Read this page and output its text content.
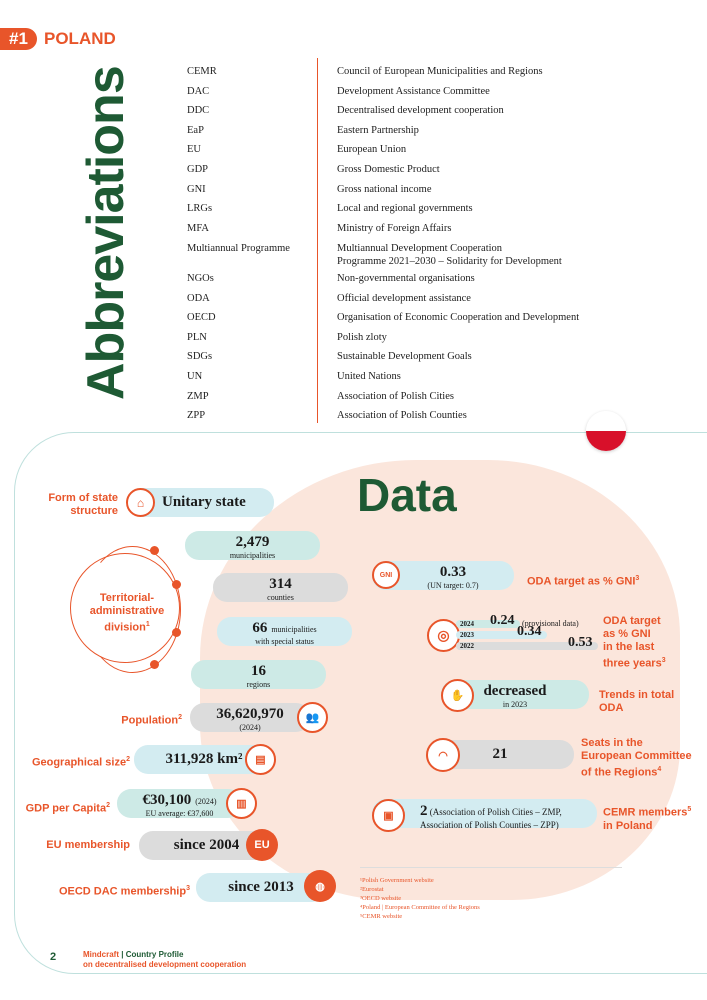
#1 POLAND
Abbreviations	CEMR	Council of European Municipalities and Regions
DAC	Development Assistance Committee
DDC	Decentralised development cooperation
EaP	Eastern Partnership
EU	European Union
GDP	Gross Domestic Product
GNI	Gross national income
LRGs	Local and regional governments
MFA	Ministry of Foreign Affairs
Multiannual Programme	Multiannual Development Cooperation
Programme 2021–2030 – Solidarity for Development
NGOs	Non-governmental organisations
ODA	Official development assistance
OECD	Organisation of Economic Cooperation and Development
PLN	Polish zloty
SDGs	Sustainable Development Goals
UN	United Nations
ZMP	Association of Polish Cities
ZPP	Association of Polish Counties
Data
Form of state
structure
Unitary state
⌂
Territorial-
administrative
division$^1$
2,479
municipalities
314
counties
66 municipalities
with special status
16
regions
Population$^2$	36,620,970
(2024)
👥
Geographical size$^2$	311,928 km²	▤
GDP per Capita$^2$	€30,100 (2024)
EU average: €37,600
▥
EU membership	since 2004	EU
OECD DAC membership$^3$	since 2013	◍
0.33
(UN target: 0.7)
GNI
ODA target as % GNI$^3$
◎
2024 0.24 (provisional data)
2023	0.34
2022	0.53
ODA target
as % GNI
in the last
three years$^3$
decreased
in 2023
✋	Trends in total ODA
21
◠
Seats in the
European Committee
of the Regions$^4$
2 (Association of Polish Cities – ZMP,
Association of Polish Counties – ZPP)
▣	CEMR members$^5$
in Poland
¹Polish Government website
²Eurostat
³OECD website
⁴Poland | European Committee of the Regions
⁵CEMR website
2	Mindcraft | Country Profile
on decentralised development cooperation
